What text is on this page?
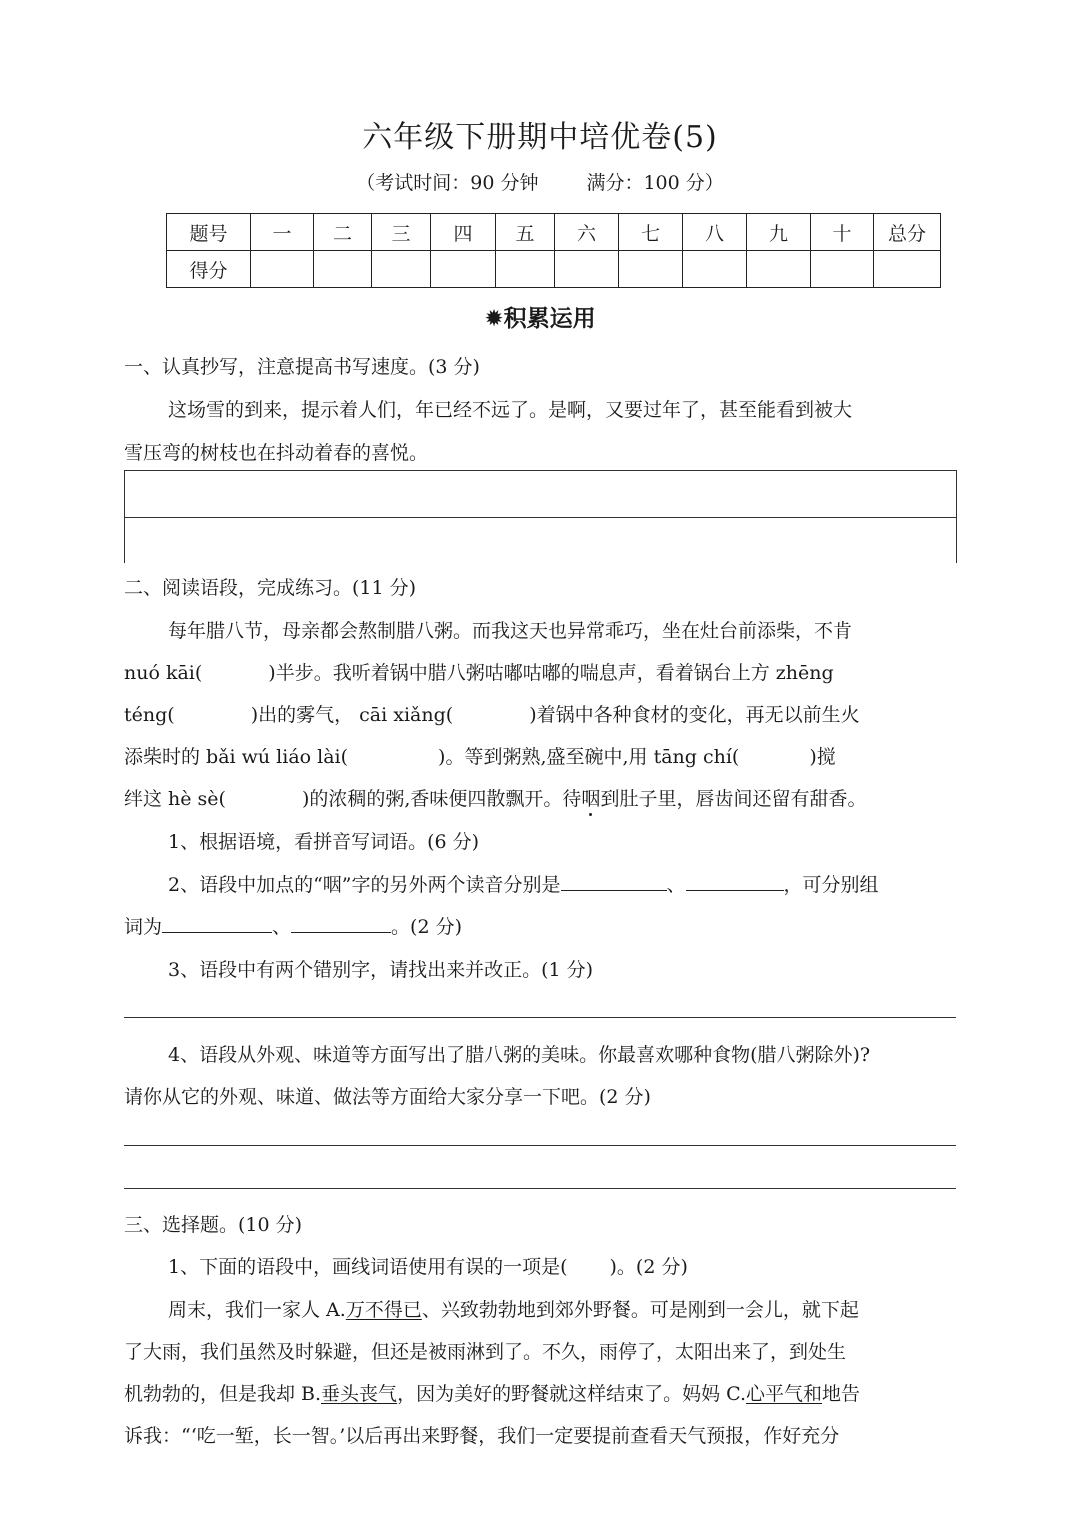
六年级下册期中培优卷(5)
（考试时间：90 分钟	满分：100 分）
题号	一	二	三	四	五	六	七	八	九	十	总分
得分											
✹积累运用
一、认真抄写，注意提高书写速度。(3 分)
这场雪的到来，提示着人们，年已经不远了。是啊，又要过年了，甚至能看到被大
雪压弯的树枝也在抖动着春的喜悦。
二、阅读语段，完成练习。(11 分)
每年腊八节，母亲都会熬制腊八粥。而我这天也异常乖巧，坐在灶台前添柴，不肯
nuó kāi(	)半步。我听着锅中腊八粥咕嘟咕嘟的喘息声，看着锅台上方 zhēng
téng(	)出的雾气， cāi xiǎng(	)着锅中各种食材的变化，再无以前生火
添柴时的 bǎi wú liáo lài(	)。等到粥熟,盛至碗中,用 tāng chí(	)搅
绊这 hè sè(	)的浓稠的粥,香味便四散飘开。待咽到肚子里，唇齿间还留有甜香。
1、根据语境，看拼音写词语。(6 分)
2、语段中加点的“咽”字的另外两个读音分别是	、	，可分别组
词为	、	。(2 分)
3、语段中有两个错别字，请找出来并改正。(1 分)
4、语段从外观、味道等方面写出了腊八粥的美味。你最喜欢哪种食物(腊八粥除外)?
请你从它的外观、味道、做法等方面给大家分享一下吧。(2 分)
三、选择题。(10 分)
1、下面的语段中，画线词语使用有误的一项是( )。(2 分)
周末，我们一家人 A.万不得已、兴致勃勃地到郊外野餐。可是刚到一会儿，就下起
了大雨，我们虽然及时躲避，但还是被雨淋到了。不久，雨停了，太阳出来了，到处生
机勃勃的，但是我却 B.垂头丧气，因为美好的野餐就这样结束了。妈妈 C.心平气和地告
诉我：“‘吃一堑，长一智。’以后再出来野餐，我们一定要提前查看天气预报，作好充分
